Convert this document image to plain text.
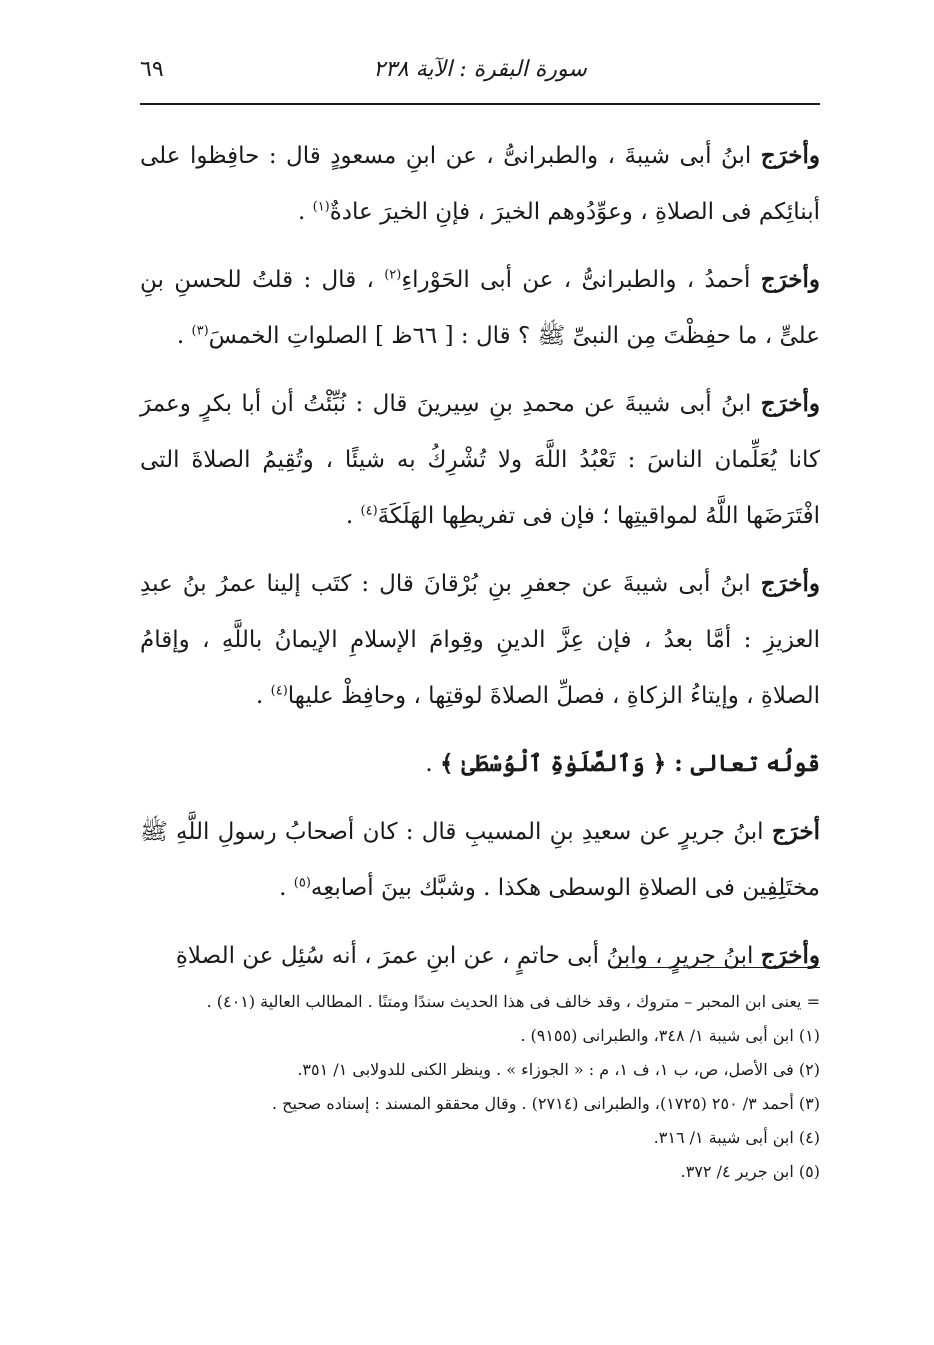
سورة البقرة : الآية ٢٣٨
٦٩

وأخرَج ابنُ أبى شيبةَ ، والطبرانىُّ ، عن ابنِ مسعودٍ قال : حافِظوا على أبنائِكم فى الصلاةِ ، وعوِّدُوهم الخيرَ ، فإنِ الخيرَ عادةٌ$^{(١)}$ .

وأخرَج أحمدُ ، والطبرانىُّ ، عن أبى الحَوْراءِ$^{(٢)}$ ، قال : قلتُ للحسنِ بنِ علىٍّ ، ما حفِظْتَ مِن النبىِّ ﷺ ؟ قال : [ ٦٦ظ ] الصلواتِ الخمسَ$^{(٣)}$ .

وأخرَج ابنُ أبى شيبةَ عن محمدِ بنِ سِيرينَ قال : نُبِّئْتُ أن أبا بكرٍ وعمرَ كانا يُعَلِّمان الناسَ : تَعْبُدُ اللَّهَ ولا تُشْرِكُ به شيئًا ، وتُقِيمُ الصلاةَ التى افْتَرَضَها اللَّهُ لمواقيتِها ؛ فإن فى تفريطِها الهَلَكَةَ$^{(٤)}$ .

وأخرَج ابنُ أبى شيبةَ عن جعفرِ بنِ بُرْقانَ قال : كتَب إلينا عمرُ بنُ عبدِ العزيزِ : أمَّا بعدُ ، فإن عِزَّ الدينِ وقِوامَ الإسلامِ الإيمانُ باللَّهِ ، وإقامُ الصلاةِ ، وإيتاءُ الزكاةِ ، فصلِّ الصلاةَ لوقتِها ، وحافِظْ عليها$^{(٤)}$ .

قولُه تعالى : ﴿ وَٱلصَّلَوٰةِ ٱلْوُسْطَىٰ ﴾ .

أخرَج ابنُ جريرٍ عن سعيدِ بنِ المسيبِ قال : كان أصحابُ رسولِ اللَّهِ ﷺ مختَلِفِين فى الصلاةِ الوسطى هكذا . وشبَّك بينَ أصابعِه$^{(٥)}$ .

وأخرَج ابنُ جريرٍ ، وابنُ أبى حاتمٍ ، عن ابنِ عمرَ ، أنه سُئِل عن الصلاةِ

= يعنى ابن المحبر – متروك ، وقد خالف فى هذا الحديث سندًا ومتنًا . المطالب العالية (٤٠١) .

(١) ابن أبى شيبة ١/ ٣٤٨، والطبرانى (٩١٥٥) .

(٢) فى الأصل، ص، ب ١، ف ١، م : « الجوزاء » . وينظر الكنى للدولابى ١/ ٣٥١.

(٣) أحمد ٣/ ٢٥٠ (١٧٢٥)، والطبرانى (٢٧١٤) . وقال محققو المسند : إسناده صحيح .

(٤) ابن أبى شيبة ١/ ٣١٦.

(٥) ابن جرير ٤/ ٣٧٢.
